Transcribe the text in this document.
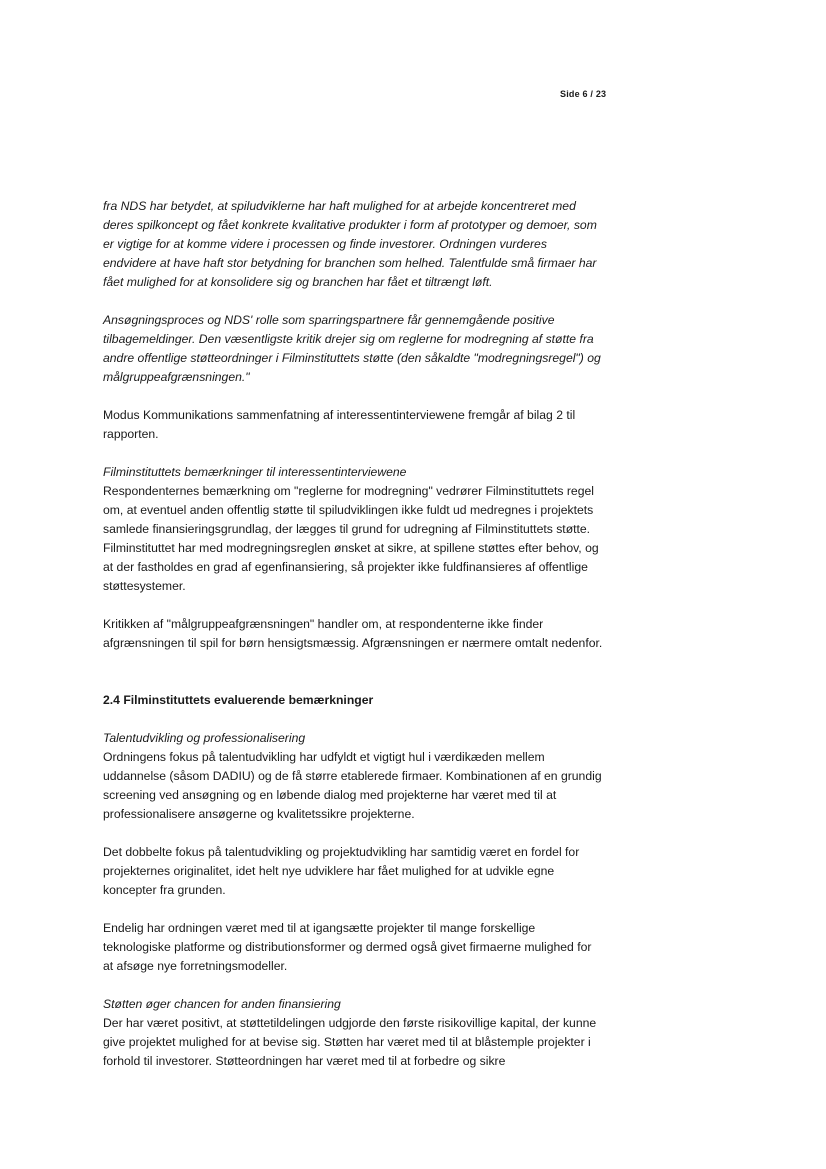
Side 6 / 23

fra NDS har betydet, at spiludviklerne har haft mulighed for at arbejde koncentreret med deres spilkoncept og fået konkrete kvalitative produkter i form af prototyper og demoer, som er vigtige for at komme videre i processen og finde investorer. Ordningen vurderes endvidere at have haft stor betydning for branchen som helhed. Talentfulde små firmaer har fået mulighed for at konsolidere sig og branchen har fået et tiltrængt løft.

Ansøgningsproces og NDS' rolle som sparringspartnere får gennemgående positive tilbagemeldinger. Den væsentligste kritik drejer sig om reglerne for modregning af støtte fra andre offentlige støtteordninger i Filminstituttets støtte (den såkaldte "modregningsregel") og målgruppeafgrænsningen."

Modus Kommunikations sammenfatning af interessentinterviewene fremgår af bilag 2 til rapporten.

Filminstituttets bemærkninger til interessentinterviewene

Respondenternes bemærkning om "reglerne for modregning" vedrører Filminstituttets regel om, at eventuel anden offentlig støtte til spiludviklingen ikke fuldt ud medregnes i projektets samlede finansieringsgrundlag, der lægges til grund for udregning af Filminstituttets støtte. Filminstituttet har med modregningsreglen ønsket at sikre, at spillene støttes efter behov, og at der fastholdes en grad af egenfinansiering, så projekter ikke fuldfinansieres af offentlige støttesystemer.

Kritikken af "målgruppeafgrænsningen" handler om, at respondenterne ikke finder afgrænsningen til spil for børn hensigtsmæssig. Afgrænsningen er nærmere omtalt nedenfor.

2.4 Filminstituttets evaluerende bemærkninger

Talentudvikling og professionalisering

Ordningens fokus på talentudvikling har udfyldt et vigtigt hul i værdikæden mellem uddannelse (såsom DADIU) og de få større etablerede firmaer. Kombinationen af en grundig screening ved ansøgning og en løbende dialog med projekterne har været med til at professionalisere ansøgerne og kvalitetssikre projekterne.

Det dobbelte fokus på talentudvikling og projektudvikling har samtidig været en fordel for projekternes originalitet, idet helt nye udviklere har fået mulighed for at udvikle egne koncepter fra grunden.

Endelig har ordningen været med til at igangsætte projekter til mange forskellige teknologiske platforme og distributionsformer og dermed også givet firmaerne mulighed for at afsøge nye forretningsmodeller.

Støtten øger chancen for anden finansiering

Der har været positivt, at støttetildelingen udgjorde den første risikovillige kapital, der kunne give projektet mulighed for at bevise sig. Støtten har været med til at blåstemple projekter i forhold til investorer. Støtteordningen har været med til at forbedre og sikre
